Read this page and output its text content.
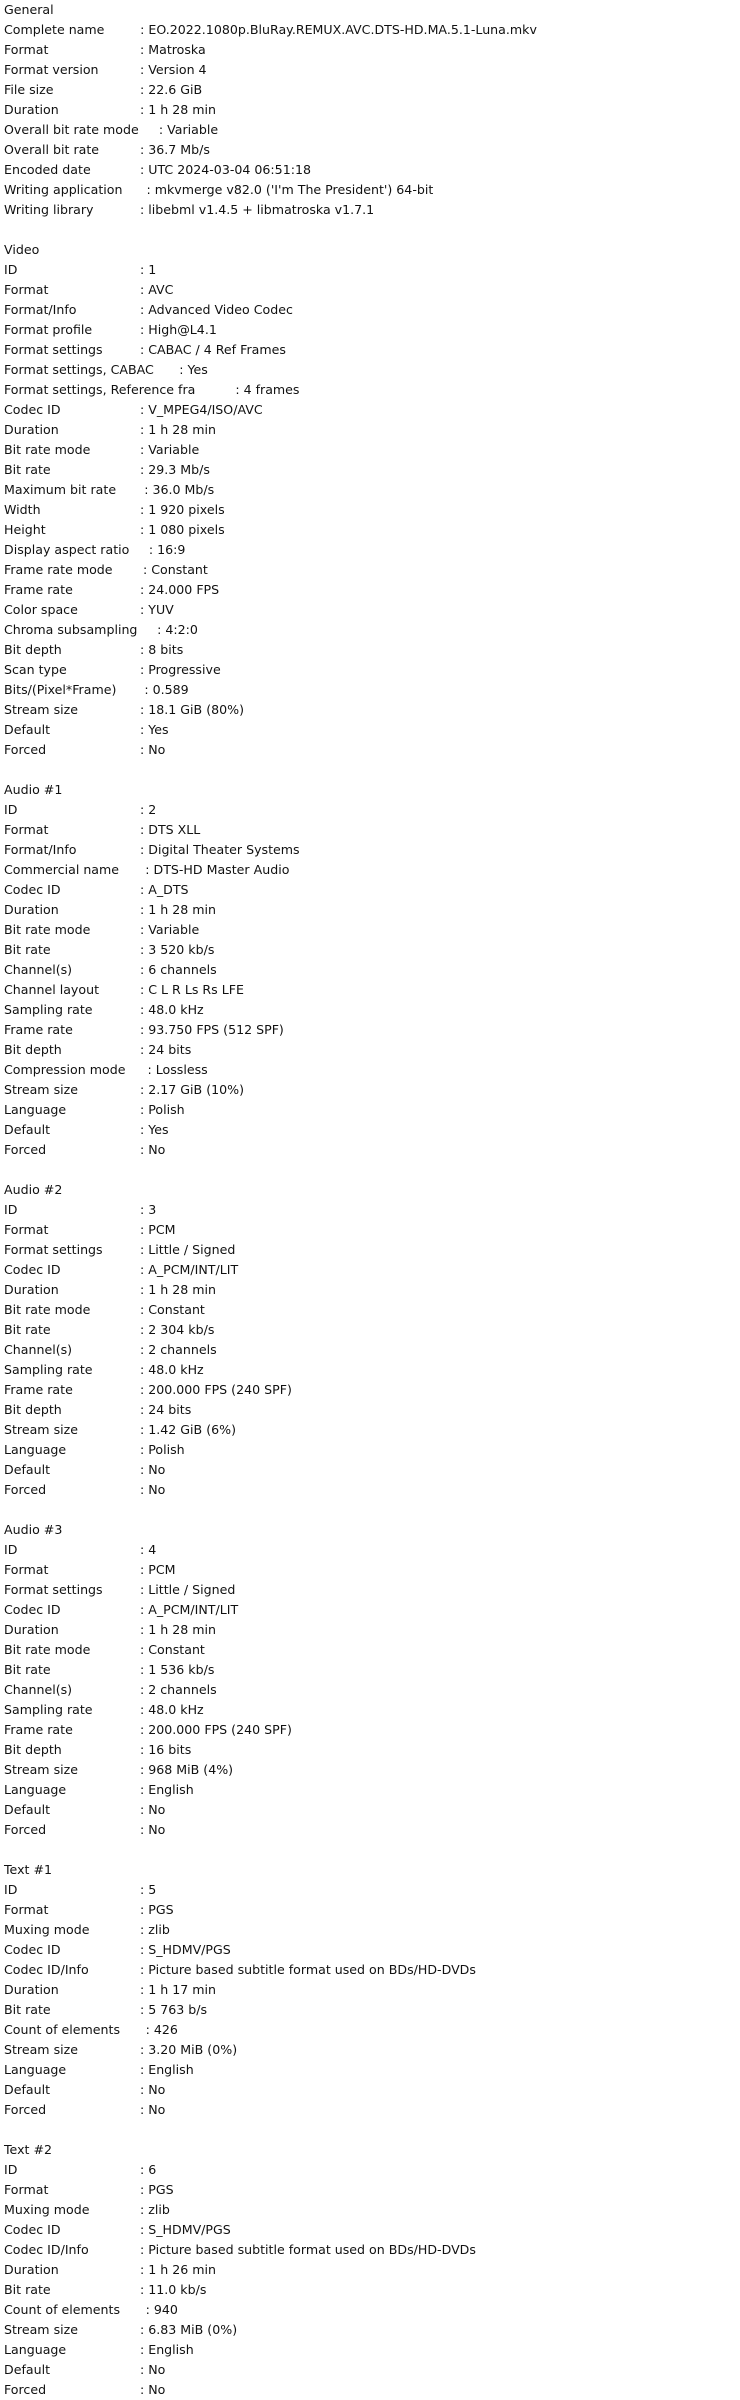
General
Complete name	: EO.2022.1080p.BluRay.REMUX.AVC.DTS-HD.MA.5.1-Luna.mkv
Format	: Matroska
Format version	: Version 4
File size	: 22.6 GiB
Duration	: 1 h 28 min
Overall bit rate mode : Variable
Overall bit rate	: 36.7 Mb/s
Encoded date	: UTC 2024-03-04 06:51:18
Writing application : mkvmerge v82.0 ('I'm The President') 64-bit
Writing library	: libebml v1.4.5 + libmatroska v1.7.1
Video
ID	: 1
Format	: AVC
Format/Info	: Advanced Video Codec
Format profile	: High@L4.1
Format settings	: CABAC / 4 Ref Frames
Format settings, CABAC : Yes
Format settings, Reference fra	: 4 frames
Codec ID	: V_MPEG4/ISO/AVC
Duration	: 1 h 28 min
Bit rate mode	: Variable
Bit rate	: 29.3 Mb/s
Maximum bit rate : 36.0 Mb/s
Width	: 1 920 pixels
Height	: 1 080 pixels
Display aspect ratio : 16:9
Frame rate mode : Constant
Frame rate	: 24.000 FPS
Color space	: YUV
Chroma subsampling : 4:2:0
Bit depth	: 8 bits
Scan type	: Progressive
Bits/(Pixel*Frame) : 0.589
Stream size	: 18.1 GiB (80%)
Default	: Yes
Forced	: No
Audio #1
ID	: 2
Format	: DTS XLL
Format/Info	: Digital Theater Systems
Commercial name : DTS-HD Master Audio
Codec ID	: A_DTS
Duration	: 1 h 28 min
Bit rate mode	: Variable
Bit rate	: 3 520 kb/s
Channel(s)	: 6 channels
Channel layout	: C L R Ls Rs LFE
Sampling rate	: 48.0 kHz
Frame rate	: 93.750 FPS (512 SPF)
Bit depth	: 24 bits
Compression mode : Lossless
Stream size	: 2.17 GiB (10%)
Language	: Polish
Default	: Yes
Forced	: No
Audio #2
ID	: 3
Format	: PCM
Format settings	: Little / Signed
Codec ID	: A_PCM/INT/LIT
Duration	: 1 h 28 min
Bit rate mode	: Constant
Bit rate	: 2 304 kb/s
Channel(s)	: 2 channels
Sampling rate	: 48.0 kHz
Frame rate	: 200.000 FPS (240 SPF)
Bit depth	: 24 bits
Stream size	: 1.42 GiB (6%)
Language	: Polish
Default	: No
Forced	: No
Audio #3
ID	: 4
Format	: PCM
Format settings	: Little / Signed
Codec ID	: A_PCM/INT/LIT
Duration	: 1 h 28 min
Bit rate mode	: Constant
Bit rate	: 1 536 kb/s
Channel(s)	: 2 channels
Sampling rate	: 48.0 kHz
Frame rate	: 200.000 FPS (240 SPF)
Bit depth	: 16 bits
Stream size	: 968 MiB (4%)
Language	: English
Default	: No
Forced	: No
Text #1
ID	: 5
Format	: PGS
Muxing mode	: zlib
Codec ID	: S_HDMV/PGS
Codec ID/Info	: Picture based subtitle format used on BDs/HD-DVDs
Duration	: 1 h 17 min
Bit rate	: 5 763 b/s
Count of elements : 426
Stream size	: 3.20 MiB (0%)
Language	: English
Default	: No
Forced	: No
Text #2
ID	: 6
Format	: PGS
Muxing mode	: zlib
Codec ID	: S_HDMV/PGS
Codec ID/Info	: Picture based subtitle format used on BDs/HD-DVDs
Duration	: 1 h 26 min
Bit rate	: 11.0 kb/s
Count of elements : 940
Stream size	: 6.83 MiB (0%)
Language	: English
Default	: No
Forced	: No
